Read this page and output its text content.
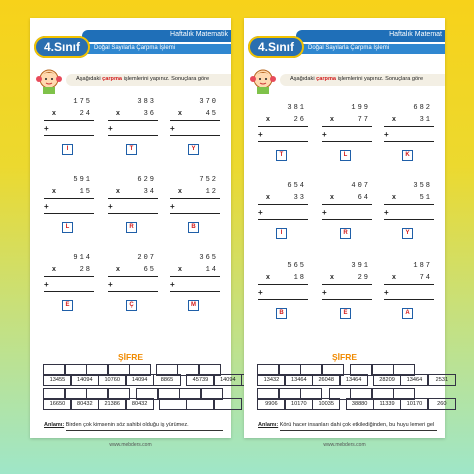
Haftalık Matematik
Doğal Sayılarla Çarpma İşlemi
4.Sınıf
Aşağıdaki çarpma işlemlerini yapınız. Sonuçlara göre
175
x	24
+
I
383
x	36
+
T
370
x	45
+
Y
591
x	15
+
L
629
x	34
+
R
752
x	12
+
B
914
x	28
+
E
207
x	65
+
Ç
365
x	14
+
M
ŞİFRE
13455	14094	10760	14094	8865	45739	14094
16650	80432	21386	80432
Anlamı: Birden çok kimsenin söz sahibi olduğu iş yürümez.
www.mebders.com
Haftalık Matemat
Doğal Sayılarla Çarpma İşlemi
4.Sınıf
Aşağıdaki çarpma işlemlerini yapınız. Sonuçlara göre
381
x	26
+
T
199
x	77
+
L
682
x	31
+
K
654
x	33
+
I
407
x	64
+
R
358
x	51
+
Y
565
x	18
+
B
391
x	29
+
E
187
x	74
+
A
ŞİFRE
13432	13464	26048	13464	28209	13464	2531
9906	10170	10035	38880	11339	10170	260
Anlamı: Körü hacer insanları dahi çok etkilediğinden, bu huyu lemeri gel
www.mebders.com
